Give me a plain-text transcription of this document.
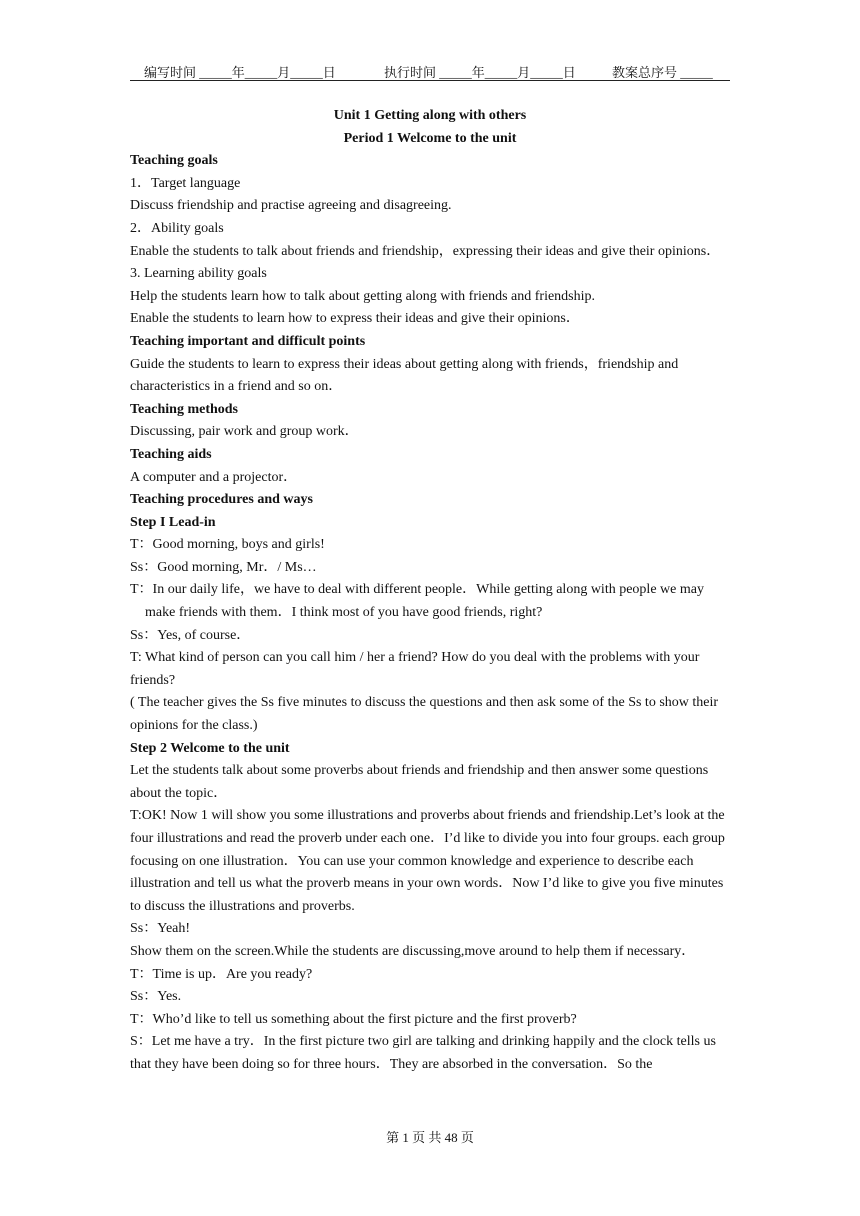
编写时间 _____年_____月_____日	执行时间 _____年_____月_____日	教案总序号 _____
Unit 1 Getting along with others
Period 1 Welcome to the unit
Teaching goals
1．Target language
Discuss friendship and practise agreeing and disagreeing.
2．Ability goals
Enable the students to talk about friends and friendship，expressing their ideas and give their opinions．
3. Learning ability goals
Help the students learn how to talk about getting along with friends and friendship.
Enable the students to learn how to express their ideas and give their opinions．
Teaching important and difficult points
Guide the students to learn to express their ideas about getting along with friends，friendship and characteristics in a friend and so on．
Teaching methods
Discussing, pair work and group work．
Teaching aids
A computer and a projector．
Teaching procedures and ways
Step I Lead-in
T：Good morning, boys and girls!
Ss：Good morning, Mr．/ Ms…
T：In our daily life，we have to deal with different people．While getting along with people we may make friends with them．I think most of you have good friends, right?
Ss：Yes, of course．
T: What kind of person can you call him / her a friend? How do you deal with the problems with your friends?
( The teacher gives the Ss five minutes to discuss the questions and then ask some of the Ss to show their opinions for the class.)
Step 2 Welcome to the unit
Let the students talk about some proverbs about friends and friendship and then answer some questions about the topic．
T:OK! Now 1 will show you some illustrations and proverbs about friends and friendship.Let’s look at the four illustrations and read the proverb under each one．I’d like to divide you into four groups. each group focusing on one illustration．You can use your common knowledge and experience to describe each illustration and tell us what the proverb means in your own words．Now I’d like to give you five minutes to discuss the illustrations and proverbs.
Ss：Yeah!
Show them on the screen.While the students are discussing,move around to help them if necessary．
T：Time is up．Are you ready?
Ss：Yes.
T：Who’d like to tell us something about the first picture and the first proverb?
S：Let me have a try．In the first picture two girl are talking and drinking happily and the clock tells us that they have been doing so for three hours．They are absorbed in the conversation．So the
第 1 页 共 48 页
